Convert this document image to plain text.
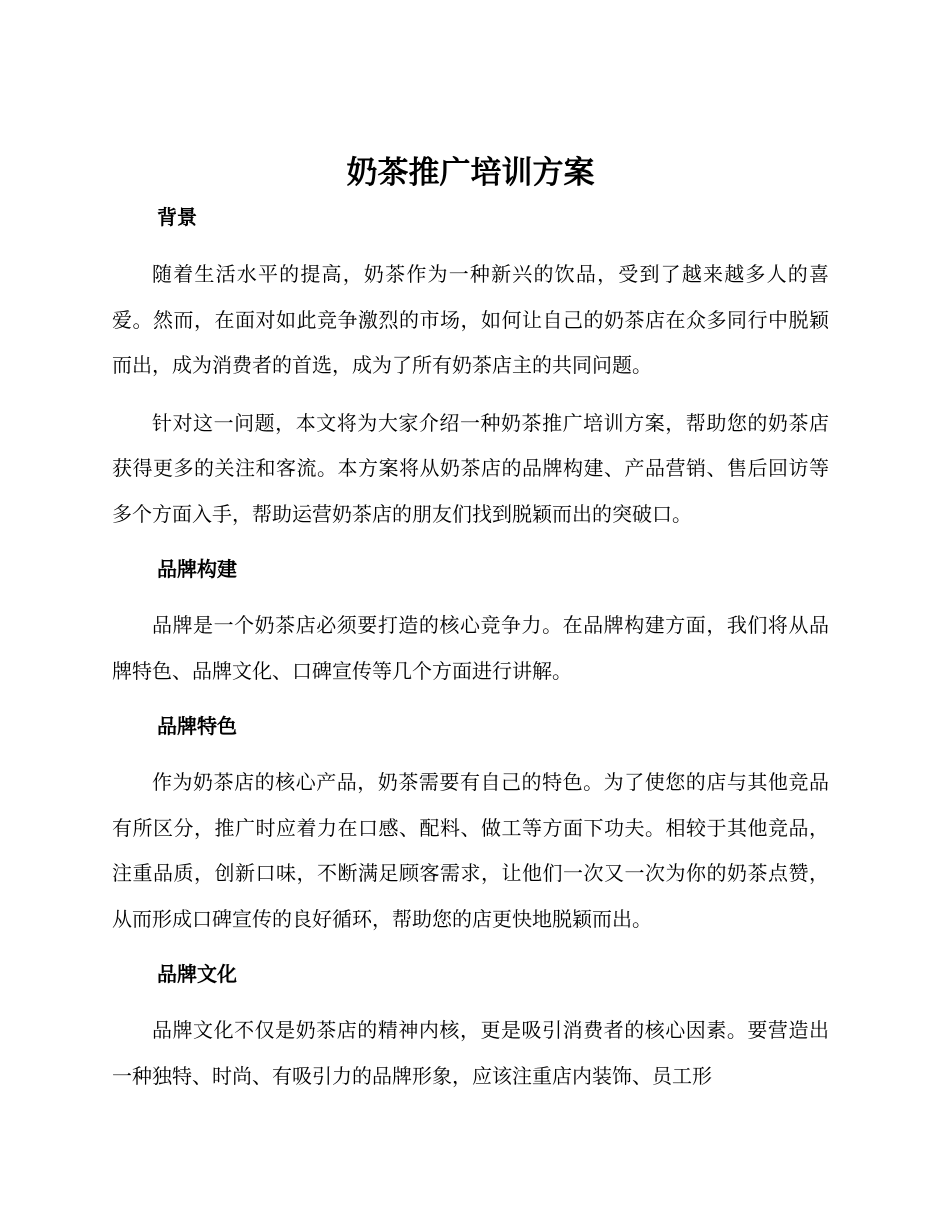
奶茶推广培训方案
背景

随着生活水平的提高，奶茶作为一种新兴的饮品，受到了越来越多人的喜爱。然而，在面对如此竞争激烈的市场，如何让自己的奶茶店在众多同行中脱颖而出，成为消费者的首选，成为了所有奶茶店主的共同问题。

针对这一问题，本文将为大家介绍一种奶茶推广培训方案，帮助您的奶茶店获得更多的关注和客流。本方案将从奶茶店的品牌构建、产品营销、售后回访等多个方面入手，帮助运营奶茶店的朋友们找到脱颖而出的突破口。

品牌构建

品牌是一个奶茶店必须要打造的核心竞争力。在品牌构建方面，我们将从品牌特色、品牌文化、口碑宣传等几个方面进行讲解。

品牌特色

作为奶茶店的核心产品，奶茶需要有自己的特色。为了使您的店与其他竞品有所区分，推广时应着力在口感、配料、做工等方面下功夫。相较于其他竞品，注重品质，创新口味，不断满足顾客需求，让他们一次又一次为你的奶茶点赞，从而形成口碑宣传的良好循环，帮助您的店更快地脱颖而出。

品牌文化

品牌文化不仅是奶茶店的精神内核，更是吸引消费者的核心因素。要营造出一种独特、时尚、有吸引力的品牌形象，应该注重店内装饰、员工形
